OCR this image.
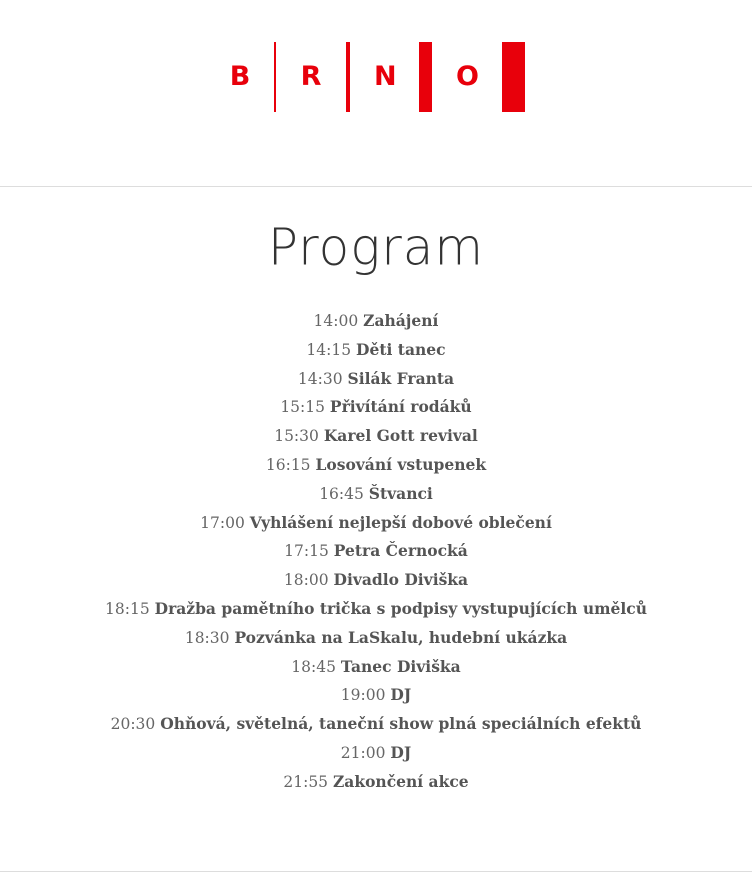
B R N O
Program
14:00 Zahájení
14:15 Děti tanec
14:30 Silák Franta
15:15 Přivítání rodáků
15:30 Karel Gott revival
16:15 Losování vstupenek
16:45 Štvanci
17:00 Vyhlášení nejlepší dobové oblečení
17:15 Petra Černocká
18:00 Divadlo Diviška
18:15 Dražba pamětního trička s podpisy vystupujících umělců
18:30 Pozvánka na LaSkalu, hudební ukázka
18:45 Tanec Diviška
19:00 DJ
20:30 Ohňová, světelná, taneční show plná speciálních efektů
21:00 DJ
21:55 Zakončení akce
